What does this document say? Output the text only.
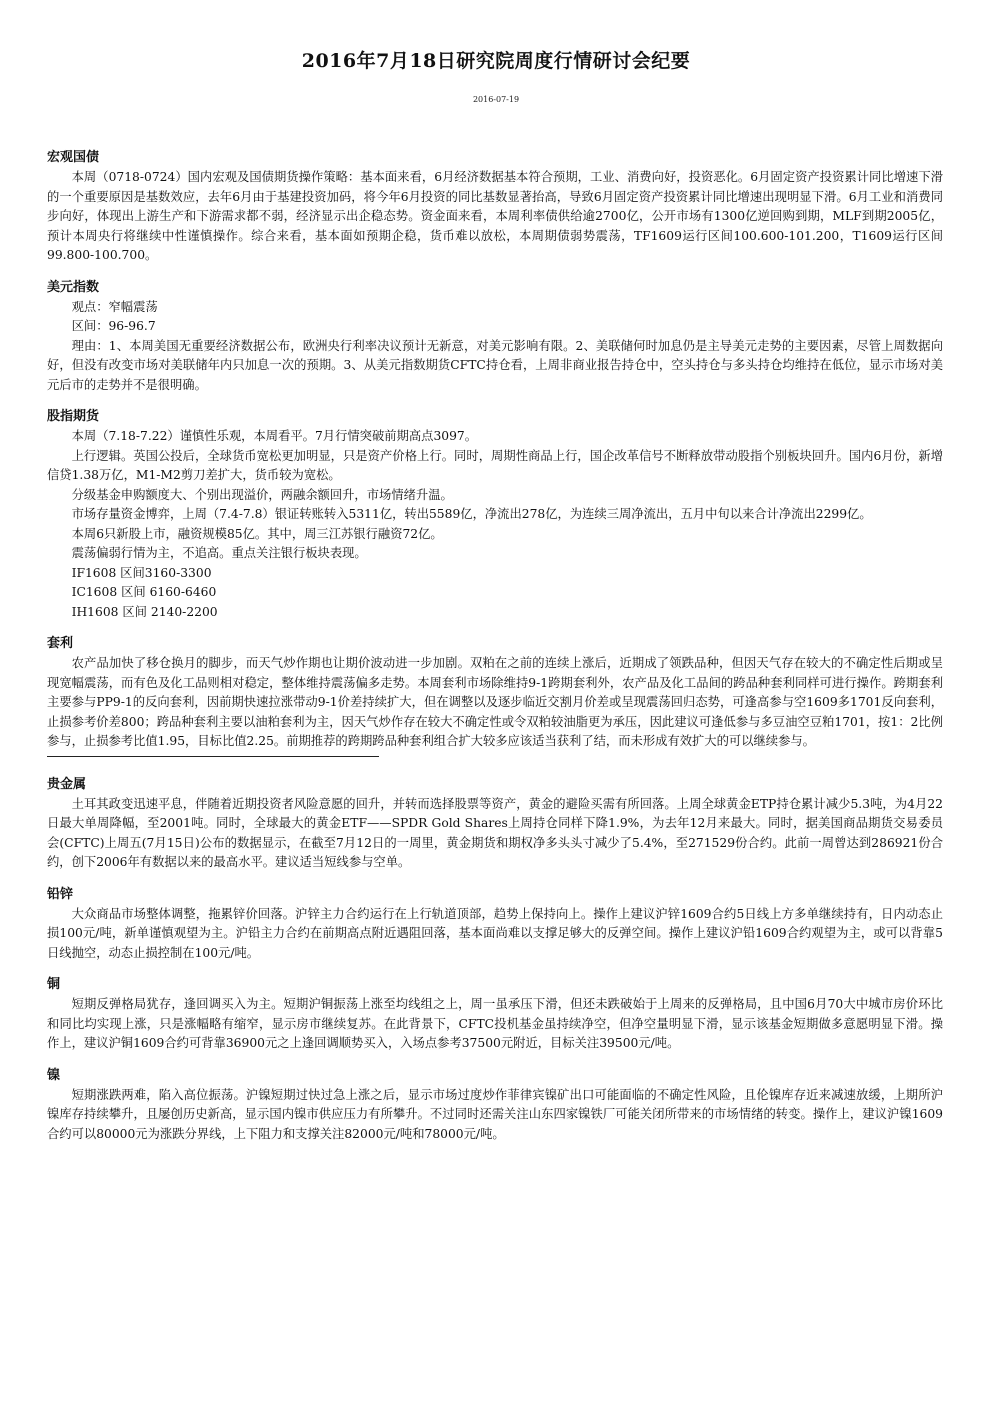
2016年7月18日研究院周度行情研讨会纪要
2016-07-19
宏观国债

本周（0718-0724）国内宏观及国债期货操作策略：基本面来看，6月经济数据基本符合预期，工业、消费向好，投资恶化。6月固定资产投资累计同比增速下滑的一个重要原因是基数效应，去年6月由于基建投资加码，将今年6月投资的同比基数显著抬高，导致6月固定资产投资累计同比增速出现明显下滑。6月工业和消费同步向好，体现出上游生产和下游需求都不弱，经济显示出企稳态势。资金面来看，本周利率债供给逾2700亿，公开市场有1300亿逆回购到期，MLF到期2005亿，预计本周央行将继续中性谨慎操作。综合来看，基本面如预期企稳，货币难以放松，本周期债弱势震荡，TF1609运行区间100.600-101.200，T1609运行区间99.800-100.700。

美元指数

观点：窄幅震荡

区间：96-96.7

理由：1、本周美国无重要经济数据公布，欧洲央行利率决议预计无新意，对美元影响有限。2、美联储何时加息仍是主导美元走势的主要因素，尽管上周数据向好，但没有改变市场对美联储年内只加息一次的预期。3、从美元指数期货CFTC持仓看，上周非商业报告持仓中，空头持仓与多头持仓均维持在低位，显示市场对美元后市的走势并不是很明确。

股指期货

本周（7.18-7.22）谨慎性乐观，本周看平。7月行情突破前期高点3097。

上行逻辑。英国公投后，全球货币宽松更加明显，只是资产价格上行。同时，周期性商品上行，国企改革信号不断释放带动股指个别板块回升。国内6月份，新增信贷1.38万亿，M1-M2剪刀差扩大，货币较为宽松。

分级基金申购额度大、个别出现溢价，两融余额回升，市场情绪升温。

市场存量资金博弈，上周（7.4-7.8）银证转账转入5311亿，转出5589亿，净流出278亿，为连续三周净流出，五月中旬以来合计净流出2299亿。

本周6只新股上市，融资规模85亿。其中，周三江苏银行融资72亿。

震荡偏弱行情为主，不追高。重点关注银行板块表现。

IF1608 区间3160-3300

IC1608 区间 6160-6460

IH1608 区间 2140-2200

套利

农产品加快了移仓换月的脚步，而天气炒作期也让期价波动进一步加剧。双粕在之前的连续上涨后，近期成了领跌品种，但因天气存在较大的不确定性后期或呈现宽幅震荡，而有色及化工品则相对稳定，整体维持震荡偏多走势。本周套利市场除维持9-1跨期套利外，农产品及化工品间的跨品种套利同样可进行操作。跨期套利主要参与PP9-1的反向套利，因前期快速拉涨带动9-1价差持续扩大，但在调整以及逐步临近交割月价差或呈现震荡回归态势，可逢高参与空1609多1701反向套利，止损参考价差800；跨品种套利主要以油粕套利为主，因天气炒作存在较大不确定性或令双粕较油脂更为承压，因此建议可逢低参与多豆油空豆粕1701，按1：2比例参与，止损参考比值1.95，目标比值2.25。前期推荐的跨期跨品种套利组合扩大较多应该适当获利了结，而未形成有效扩大的可以继续参与。

贵金属

土耳其政变迅速平息，伴随着近期投资者风险意愿的回升，并转而选择股票等资产，黄金的避险买需有所回落。上周全球黄金ETP持仓累计减少5.3吨，为4月22日最大单周降幅，至2001吨。同时，全球最大的黄金ETF——SPDR Gold Shares上周持仓同样下降1.9%，为去年12月来最大。同时，据美国商品期货交易委员会(CFTC)上周五(7月15日)公布的数据显示，在截至7月12日的一周里，黄金期货和期权净多头头寸减少了5.4%，至271529份合约。此前一周曾达到286921份合约，创下2006年有数据以来的最高水平。建议适当短线参与空单。

铅锌

大众商品市场整体调整，拖累锌价回落。沪锌主力合约运行在上行轨道顶部，趋势上保持向上。操作上建议沪锌1609合约5日线上方多单继续持有，日内动态止损100元/吨，新单谨慎观望为主。沪铅主力合约在前期高点附近遇阻回落，基本面尚难以支撑足够大的反弹空间。操作上建议沪铅1609合约观望为主，或可以背靠5日线抛空，动态止损控制在100元/吨。

铜

短期反弹格局犹存，逢回调买入为主。短期沪铜振荡上涨至均线组之上，周一虽承压下滑，但还未跌破始于上周来的反弹格局，且中国6月70大中城市房价环比和同比均实现上涨，只是涨幅略有缩窄，显示房市继续复苏。在此背景下，CFTC投机基金虽持续净空，但净空量明显下滑，显示该基金短期做多意愿明显下滑。操作上，建议沪铜1609合约可背靠36900元之上逢回调顺势买入，入场点参考37500元附近，目标关注39500元/吨。

镍

短期涨跌两难，陷入高位振荡。沪镍短期过快过急上涨之后，显示市场过度炒作菲律宾镍矿出口可能面临的不确定性风险，且伦镍库存近来减速放缓，上期所沪镍库存持续攀升，且屡创历史新高，显示国内镍市供应压力有所攀升。不过同时还需关注山东四家镍铁厂可能关闭所带来的市场情绪的转变。操作上，建议沪镍1609合约可以80000元为涨跌分界线，上下阻力和支撑关注82000元/吨和78000元/吨。
